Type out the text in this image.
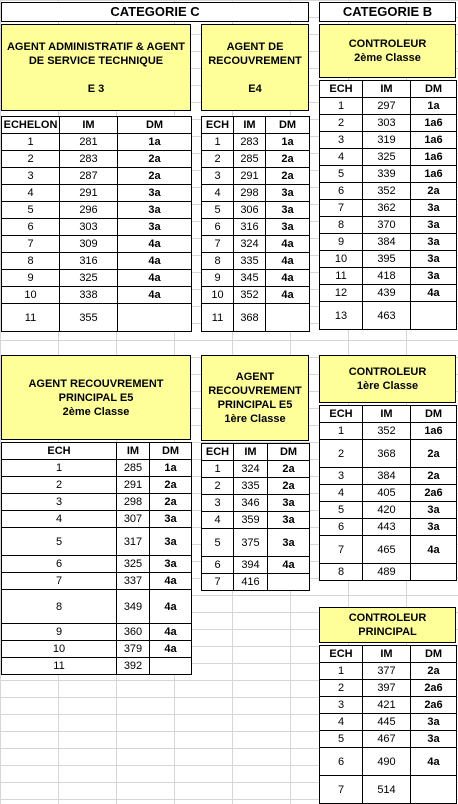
CATEGORIE C	CATEGORIE B
AGENT ADMINISTRATIF & AGENT
DE SERVICE TECHNIQUE
E 3
ECHELON	IM	DM
1	281	1a
2	283	2a
3	287	2a
4	291	3a
5	296	3a
6	303	3a
7	309	4a
8	316	4a
9	325	4a
10	338	4a
11	355	
AGENT DE
RECOUVREMENT
E4
ECH	IM	DM
1	283	1a
2	285	2a
3	291	2a
4	298	3a
5	306	3a
6	316	3a
7	324	4a
8	335	4a
9	345	4a
10	352	4a
11	368	
CONTROLEUR
2ème Classe
ECH	IM	DM
1	297	1a
2	303	1a6
3	319	1a6
4	325	1a6
5	339	1a6
6	352	2a
7	362	3a
8	370	3a
9	384	3a
10	395	3a
11	418	3a
12	439	4a
13	463	
AGENT RECOUVREMENT
PRINCIPAL E5
2ème Classe
ECH	IM	DM
1	285	1a
2	291	2a
3	298	2a
4	307	3a
5	317	3a
6	325	3a
7	337	4a
8	349	4a
9	360	4a
10	379	4a
11	392	
AGENT
RECOUVREMENT
PRINCIPAL E5
1ère Classe
ECH	IM	DM
1	324	2a
2	335	2a
3	346	3a
4	359	3a
5	375	3a
6	394	4a
7	416	
CONTROLEUR
1ère Classe
ECH	IM	DM
1	352	1a6
2	368	2a
3	384	2a
4	405	2a6
5	420	3a
6	443	3a
7	465	4a
8	489	
CONTROLEUR
PRINCIPAL
ECH	IM	DM
1	377	2a
2	397	2a6
3	421	2a6
4	445	3a
5	467	3a
6	490	4a
7	514	
